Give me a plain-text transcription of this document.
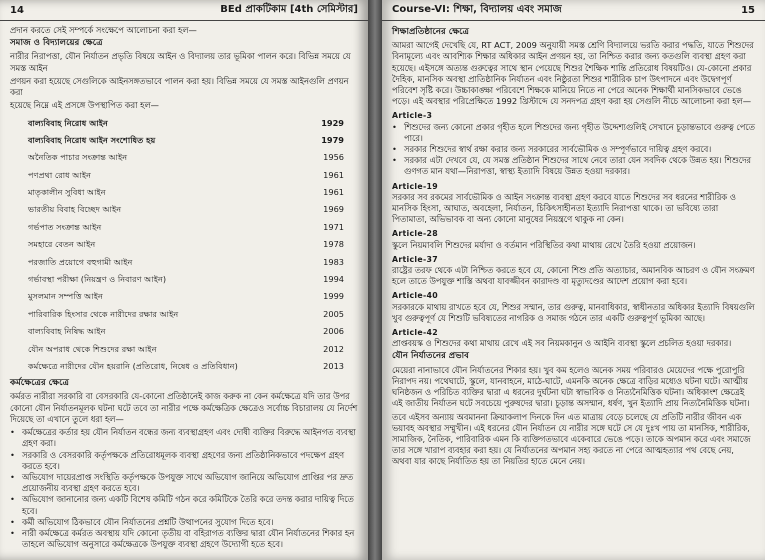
14	BEd প্রাকটিকাম [4th সেমিস্টার]

প্রদান করতে সেই সম্পর্কে সংক্ষেপে আলোচনা করা হল—

সমাজ ও বিদ্যালয়ের ক্ষেত্রে

নারীর নিরাপত্তা, যৌন নির্যাতন প্রভৃতি বিষয়ে আইন ও বিদ্যালয় তার ভূমিকা পালন করে। বিভিন্ন সময়ে যে সমস্ত আইন

প্রণয়ন করা হয়েছে সেগুলিকে আইনসঙ্গতভাবে পালন করা হয়। বিভিন্ন সময়ে যে সমস্ত আইনগুলি প্রণয়ন করা

হয়েছে নিম্নে এই প্রসঙ্গে উপস্থাপিত করা হল—

বাল্যবিবাহ নিরোধ আইন	1929
বাল্যবিবাহ নিরোধ আইন সংশোধিত হয়	1979
অনৈতিক পাচার সংক্রান্ত আইন	1956
পণপ্রথা রোধ আইন	1961
মাতৃকালীন সুবিধা আইন	1961
ভারতীয় বিবাহ বিচ্ছেদ আইন	1969
গর্ভপাত সংক্রান্ত আইন	1971
সমহারে বেতন আইন	1978
পরজাতি প্রয়োগে বহুগামী আইন	1983
গর্ভাবস্থা পরীক্ষা (নিয়ন্ত্রণ ও নিবারণ আইন)	1994
মুসলমান সম্পত্তি আইন	1999
পারিবারিক হিংসার থেকে নারীদের রক্ষার আইন	2005
বাল্যবিবাহ নিষিদ্ধ আইন	2006
যৌন অপরাধ থেকে শিশুদের রক্ষা আইন	2012
কর্মক্ষেত্রে নারীদের যৌন হয়রানি (প্রতিরোধ, নিষেধ ও প্রতিবিধান)	2013
কর্মক্ষেত্রের ক্ষেত্রে

কর্মরত নারীরা সরকারি বা বেসরকারি যে-কোনো প্রতিষ্ঠানেই কাজ করুক না কেন কর্মক্ষেত্রে যদি তার উপর কোনো যৌন নির্যাতনমূলক ঘটনা ঘটে তবে তা নারীর পক্ষে কর্মক্ষেত্রিক ক্ষেত্রেও সর্বোচ্চ বিচারালয় যে নির্দেশ দিয়েছে তা এখানে তুলে ধরা হল—

• কর্মক্ষেত্রের কর্তার হয় যৌন নির্যাতন বন্ধের জন্য ব্যবস্থাগ্রহণ এবং দোষী ব্যক্তির বিরুদ্ধে আইনগত ব্যবস্থা গ্রহণ করা।
• সরকারি ও বেসরকারি কর্তৃপক্ষকে প্রতিরোধমূলক ব্যবস্থা গ্রহণের জন্য প্রতিষ্ঠানিকভাবে পদক্ষেপ গ্রহণ করতে হবে।
• অভিযোগ দায়েরপ্রাপ্ত সংস্থিতি কর্তৃপক্ষকে উপযুক্ত সাথে অভিযোগ জানিয়ে অভিযোগ প্রাপ্তির পর দ্রুত প্রয়োজনীয় ব্যবস্থা গ্রহণ করতে হবে।
• অভিযোগ জানানোর জন্য একটি বিশেষ কমিটি গঠন করে কমিটিকে তৈরি করে তদন্ত করার দায়িত্ব দিতে হবে।
• কর্মী অভিযোগ ঠিকভাবে যৌন নির্যাতনের প্রশ্নটি উত্থাপনের সুযোগ দিতে হবে।
• নারী কর্মক্ষেত্রে কর্মরত অবস্থায় যদি কোনো তৃতীয় বা বহিরাগত ব্যক্তির দ্বারা যৌন নির্যাতনের শিকার হন তাহলে অভিযোগ অনুসারে কর্মক্ষেত্রকে উপযুক্ত ব্যবস্থা গ্রহণে উদ্যোগী হতে হবে।
Course-VI: শিক্ষা, বিদ্যালয় এবং সমাজ	15
শিক্ষাপ্রতিষ্ঠানের ক্ষেত্রে

আমরা আগেই দেখেছি যে, RT ACT, 2009 অনুযায়ী সমস্ত শ্রেণি বিদ্যালয়ে ভরতি করার পদ্ধতি, যাতে শিশুদের বিনামূল্যে এবং আবশ্যিক শিক্ষার অধিকার আইন প্রণয়ন হয়, তা নিশ্চিত করার জন্য কতগুলি ব্যবস্থা গ্রহণ করা হয়েছে। এইসঙ্গে অত্যন্ত গুরুত্বের সাথে স্থান পেয়েছে শিশুর শৈক্ষিক শান্তি প্রতিরোধ বিষয়টিও। যে-কোনো প্রকার দৈহিক, মানসিক অবস্থা প্রাতিষ্ঠানিক নির্যাতন এবং নিষ্ঠুরতা শিশুর শারীরিক চাপ উৎপাদনে এবং উদ্বেগপূর্ণ পরিবেশ সৃষ্টি করে। উচ্চাকাঙ্ক্ষা পরিবেশে শিক্ষকে মানিয়ে নিতে না পেরে অনেক শিক্ষার্থী মানসিকভাবে ভেঙে পড়ে। এই অবস্থার পরিপ্রেক্ষিতে 1992 খ্রিস্টাব্দে যে সনদপত্র গ্রহণ করা হয় সেগুলি নীচে আলোচনা করা হল—

Article-3
• শিশুদের জন্য কোনো প্রকার গৃহীত হলে শিশুদের জন্য গৃহীত উদ্দেশ্যগুলিই সেখানে চূড়ান্তভাবে গুরুত্ব পেতে পারে।
• সরকার শিশুদের স্বার্থ রক্ষা করার জন্য সরকারের সার্বভৌমিক ও সম্পূর্ণভাবে দায়িত্ব গ্রহণ করবে।
• সরকার এটা দেখবে যে, যে সমস্ত প্রতিষ্ঠান শিশুদের সাথে নেবে তারা যেন সবদিক থেকে উন্নত হয়। শিশুদের গুণগত মান যথা—নিরাপত্তা, স্বাস্থ্য ইত্যাদি বিষয়ে উন্নত হওয়া দরকার।
Article-19

সরকার সব রকমের সার্বভৌমিক ও আইন সংক্রান্ত ব্যবস্থা গ্রহণ করবে যাতে শিশুদের সব ধরনের শারীরিক ও মানসিক হিংসা, আঘাত, অবহেলা, নির্যাতন, চিকিৎসাহীনতা ইত্যাদি নিরাপত্তা থাকে। তা ভবিষ্যে তারা পিতামাতা, অভিভাবক বা অন্য কোনো মানুষের নিয়ন্ত্রণে থাকুক না কেন।

Article-28

স্কুলে নিয়মাবলি শিশুদের মর্যাদা ও বর্তমান পরিস্থিতির কথা মাথায় রেখে তৈরি হওয়া প্রয়োজন।

Article-37

রাষ্ট্রের তরফ থেকে এটা নিশ্চিত করতে হবে যে, কোনো শিশু প্রতি অত্যাচার, অমানবিক আচরণ ও যৌন সংক্রমণ হলে তাতে উপযুক্ত শাস্তি অথবা যাবজ্জীবন কারাদণ্ড বা মৃত্যুদণ্ডের আদেশ প্রয়োগ করা হবে।

Article-40

সরকারকে মাথায় রাখতে হবে যে, শিশুর সম্মান, তার গুরুত্ব, মানবাধিকার, স্বাধীনতার অধিকার ইত্যাদি বিষয়গুলি খুব গুরুত্বপূর্ণ যে শিশুটি ভবিষ্যতের নাগরিক ও সমাজ গঠনে তার একটি গুরুত্বপূর্ণ ভূমিকা আছে।

Article-42

প্রাপ্তবয়স্ক ও শিশুদের কথা মাথায় রেখে এই সব নিয়মকানুন ও আইনি ব্যবস্থা স্কুলে প্রচলিত হওয়া দরকার।

যৌন নির্যাতনের প্রভাব

মেয়েরা নানাভাবে যৌন নির্যাতনের শিকার হয়। খুব কম হলেও অনেক সময় পরিবারও মেয়েদের পক্ষে পুরোপুরি নিরাপদ নয়। পথেঘাটে, স্কুলে, যানবাহনে, মাঠে-ঘাটে, এমনকি অনেক ক্ষেত্রে বাড়ির মধ্যেও ঘটনা ঘটে। আত্মীয় ঘনিষ্ঠজন ও পরিচিত ব্যক্তির দ্বারা এ ধরনের দুর্ঘটনা ঘটা স্বাভাবিক ও নিত্যনৈমিত্তিক ঘটনা। অধিকাংশ ক্ষেত্রেই এই জাতীয় নির্যাতন ঘটে সবচেয়ে পুরুষদের দ্বারা। চূড়ান্ত অসম্মান, ধর্ষণ, খুন ইত্যাদি প্রায় নিত্যনৈমিত্তিক ঘটনা।

তবে এইসব অন্যায় অবমাননা ক্রিয়াকলাপ দিনকে দিন এত মাত্রায় বেড়ে চলেছে যে প্রতিটি নারীর জীবন এক ভয়াবহ অবস্থার সম্মুখীন। এই ধরনের যৌন নির্যাতন যে নারীর সঙ্গে ঘটে সে যে দুঃখ পায় তা মানসিক, শারীরিক, সামাজিক, নৈতিক, পারিবারিক এমন কি ব্যক্তিগতভাবে একেবারে ভেঙে পড়ে। তাকে অপমান করে এবং সমাজে তার সঙ্গে খারাপ ব্যবহার করা হয়। যে নির্যাতনের অপমান সহ্য করতে না পেরে আত্মহত্যার পথ বেছে নেয়, অথবা যার কাছে নির্যাতিত হয় তা নিয়তির হাতে মেনে নেয়।
